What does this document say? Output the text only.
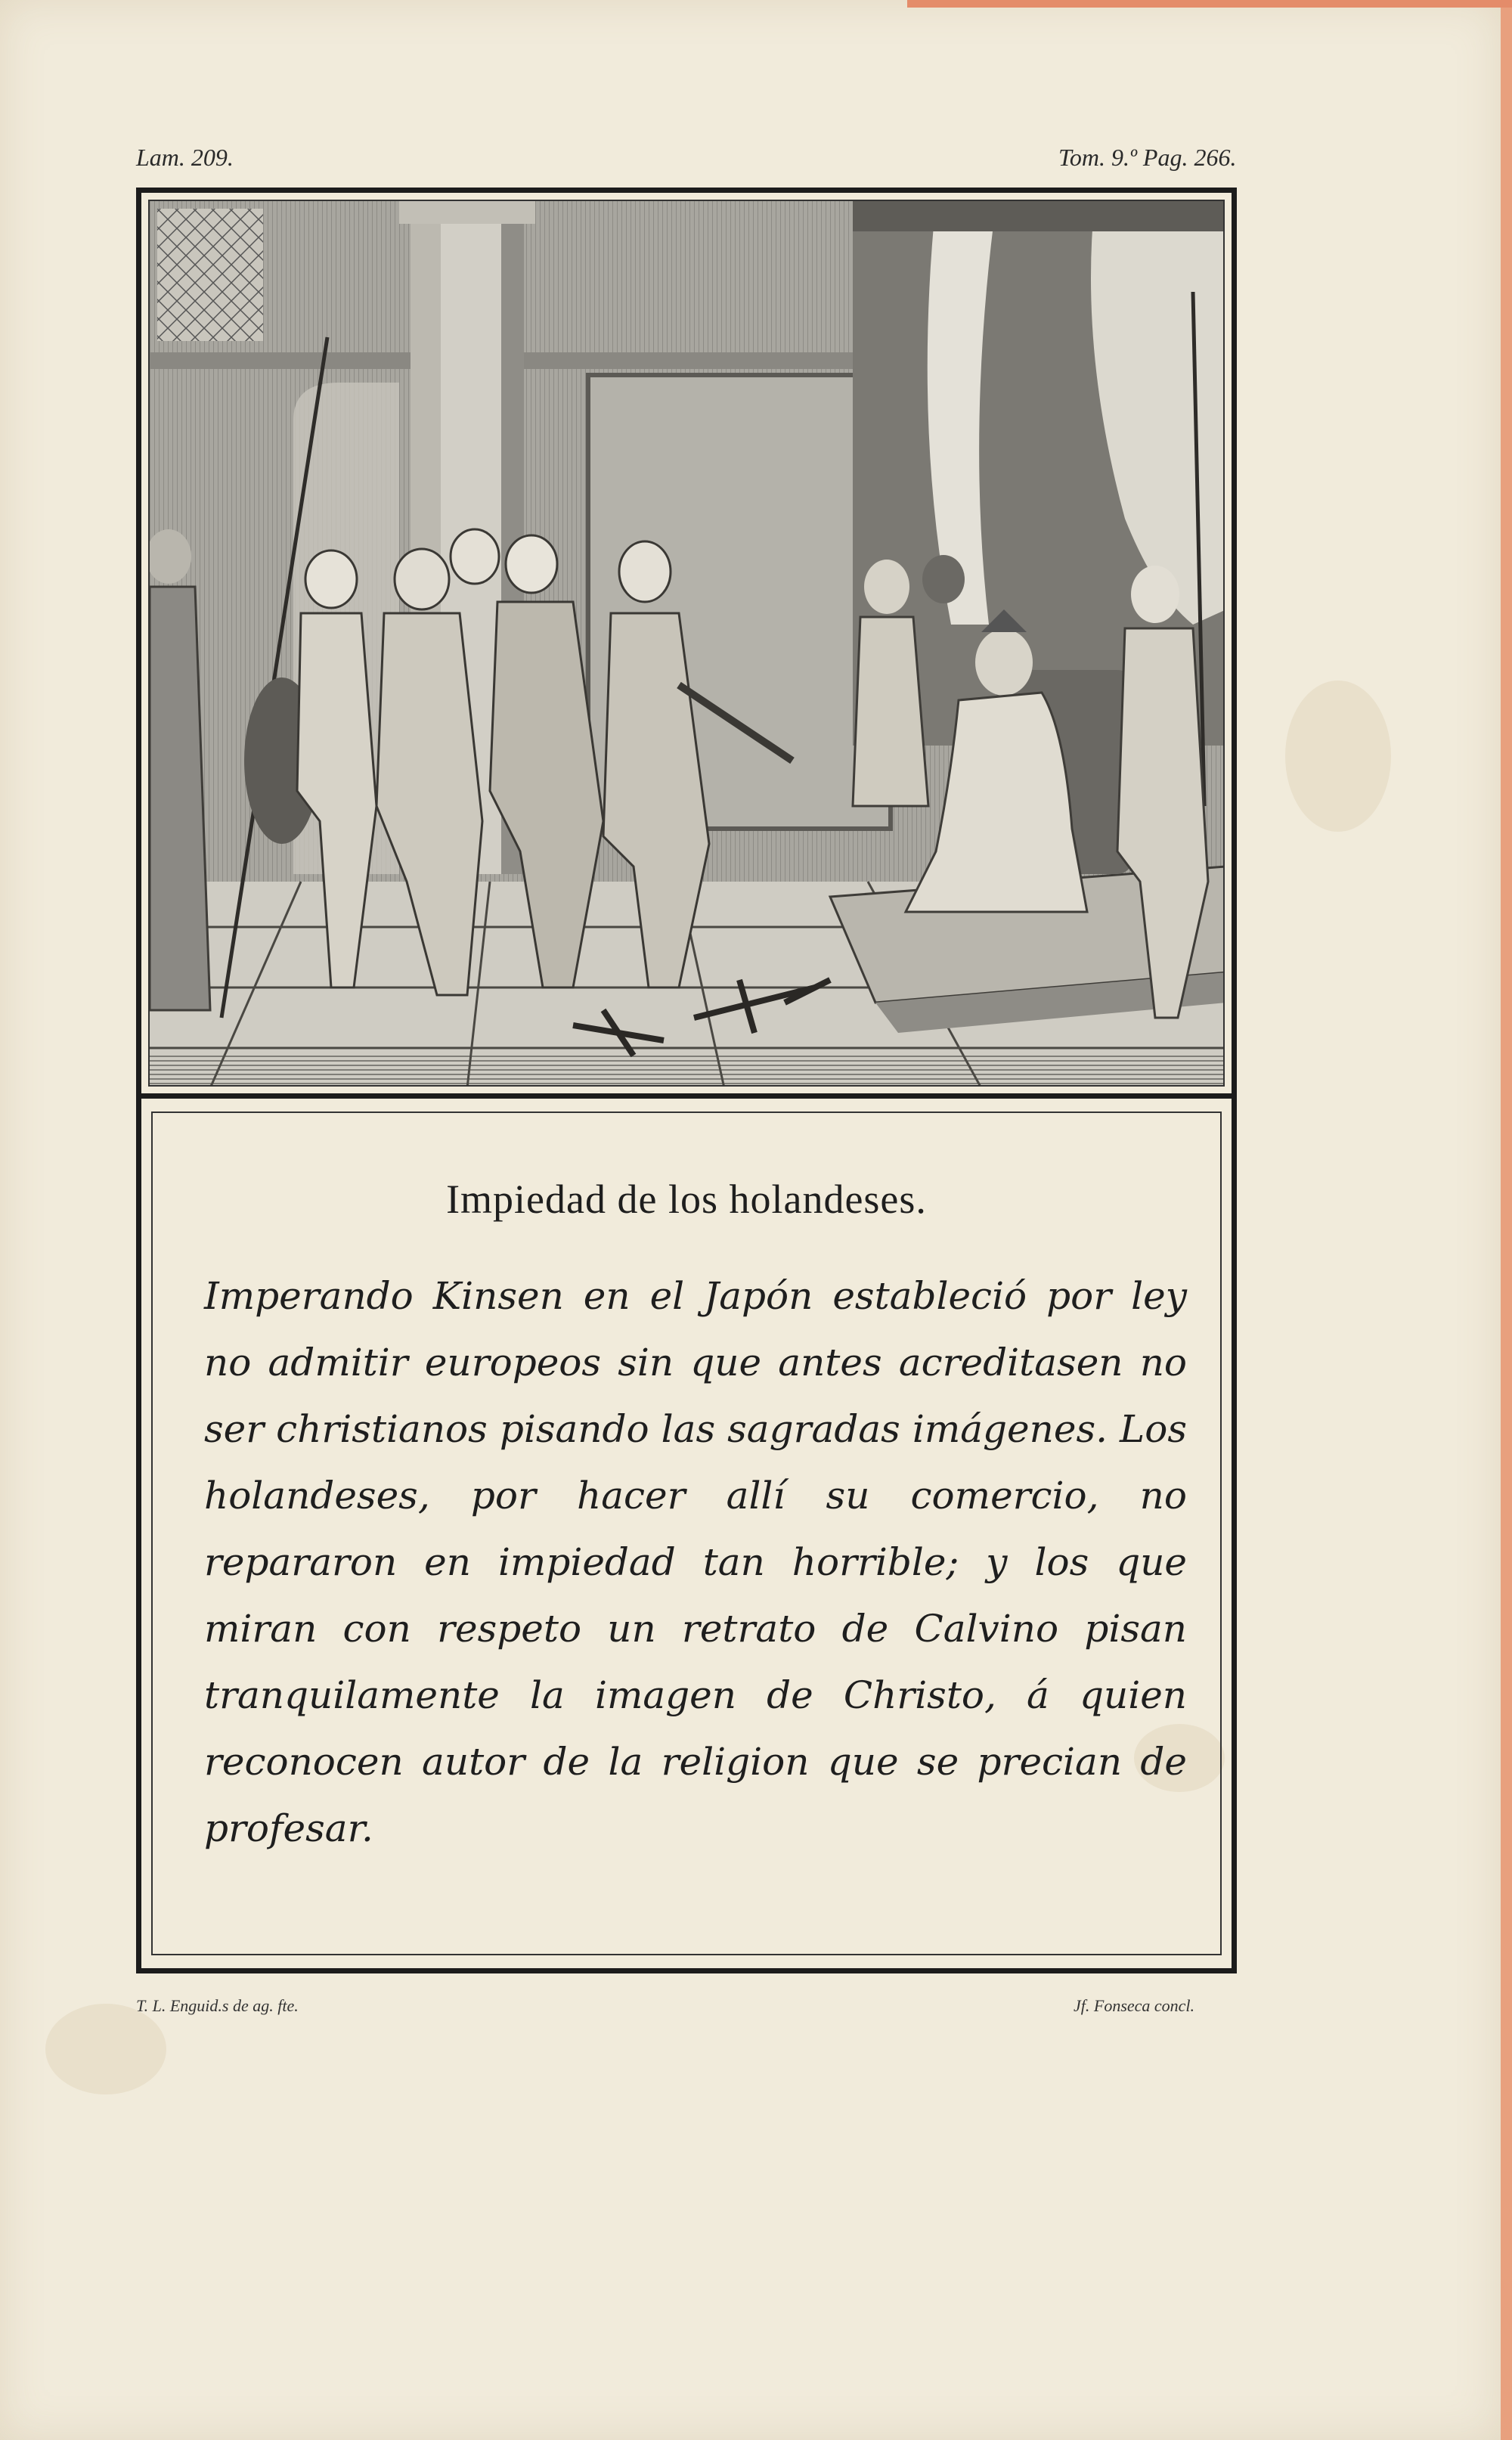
Lam. 209.	Tom. 9.º Pag. 266.
Impiedad de los holandeses.
Imperando Kinsen en el Japón estableció por ley no admitir europeos sin que antes acreditasen no ser christianos pisando las sagradas imágenes. Los holandeses, por hacer allí su comercio, no repararon en impiedad tan horrible; y los que miran con respeto un retrato de Calvino pisan tranquilamente la imagen de Christo, á quien reconocen autor de la religion que se precian de profesar.
T. L. Enguid.s de ag. fte.	Jf. Fonseca concl.
